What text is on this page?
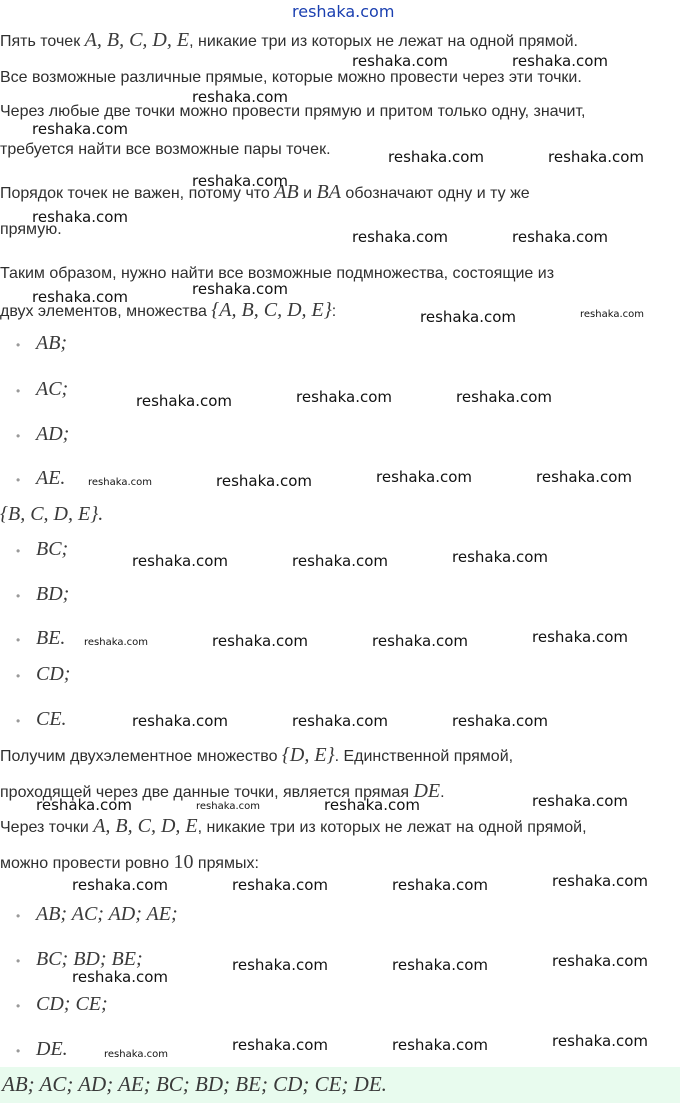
reshaka.com
Пять точек A, B, C, D, E, никакие три из которых не лежат на одной прямой.
Все возможные различные прямые, которые можно провести через эти точки.
Через любые две точки можно провести прямую и притом только одну, значит,
требуется найти все возможные пары точек.
Порядок точек не важен, потому что AB и BA обозначают одну и ту же
прямую.
Таким образом, нужно найти все возможные подмножества, состоящие из
двух элементов, множества {A, B, C, D, E}:
• AB;
• AC;
• AD;
• AE.
{B, C, D, E}.
• BC;
• BD;
• BE.
• CD;
• CE.
Получим двухэлементное множество {D, E}. Единственной прямой,
проходящей через две данные точки, является прямая DE.
Через точки A, B, C, D, E, никакие три из которых не лежат на одной прямой,
можно провести ровно 10 прямых:
• AB; AC; AD; AE;
• BC; BD; BE;
• CD; CE;
• DE.
AB; AC; AD; AE; BC; BD; BE; CD; CE; DE.
reshaka.com	reshaka.com
reshaka.com
reshaka.com
reshaka.com	reshaka.com
reshaka.com
reshaka.com
reshaka.com	reshaka.com
reshaka.com
reshaka.com
reshaka.com	reshaka.com
reshaka.com	reshaka.com	reshaka.com
reshaka.com	reshaka.com	reshaka.com	reshaka.com
reshaka.com	reshaka.com	reshaka.com
reshaka.com	reshaka.com	reshaka.com	reshaka.com
reshaka.com	reshaka.com	reshaka.com
reshaka.com	reshaka.com	reshaka.com	reshaka.com
reshaka.com	reshaka.com	reshaka.com	reshaka.com
reshaka.com
reshaka.com	reshaka.com	reshaka.com
reshaka.com
reshaka.com	reshaka.com	reshaka.com
